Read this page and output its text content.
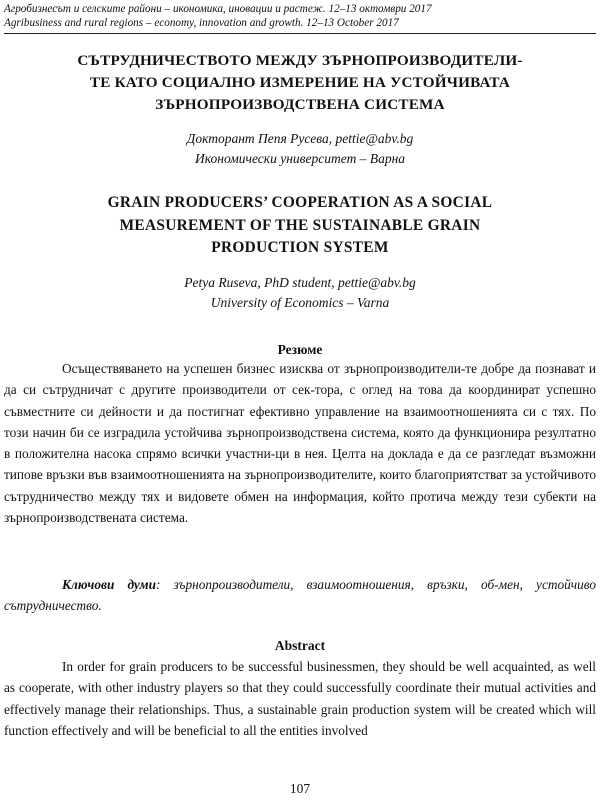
Агробизнесът и селските райони – икономика, иновации и растеж. 12–13 октомври 2017
Agribusiness and rural regions – economy, innovation and growth. 12–13 October 2017
СЪТРУДНИЧЕСТВОТО МЕЖДУ ЗЪРНОПРОИЗВОДИТЕЛИ-
ТЕ КАТО СОЦИАЛНО ИЗМЕРЕНИЕ НА УСТОЙЧИВАТА
ЗЪРНОПРОИЗВОДСТВЕНА СИСТЕМА
Докторант Пепя Русева, pettie@abv.bg
Икономически университет – Варна
GRAIN PRODUCERS’ COOPERATION AS A SOCIAL
MEASUREMENT OF THE SUSTAINABLE GRAIN
PRODUCTION SYSTEM
Petya Ruseva, PhD student, pettie@abv.bg
University of Economics – Varna
Резюме

Осъществяването на успешен бизнес изисква от зърнопроизводители-те добре да познават и да си сътрудничат с другите производители от сек-тора, с оглед на това да координират успешно съвместните си дейности и да постигнат ефективно управление на взаимоотношенията си с тях. По този начин би се изградила устойчива зърнопроизводствена система, която да функционира резултатно в положителна насока спрямо всички участни-ци в нея. Целта на доклада е да се разгледат възможни типове връзки във взаимоотношенията на зърнопроизводителите, които благоприятстват за устойчивото сътрудничество между тях и видовете обмен на информация, който протича между тези субекти на зърнопроизводствената система.

Ключови думи: зърнопроизводители, взаимоотношения, връзки, об-мен, устойчиво сътрудничество.

Abstract

In order for grain producers to be successful businessmen, they should be well acquainted, as well as cooperate, with other industry players so that they could successfully coordinate their mutual activities and effectively manage their relationships. Thus, a sustainable grain production system will be created which will function effectively and will be beneficial to all the entities involved

107
